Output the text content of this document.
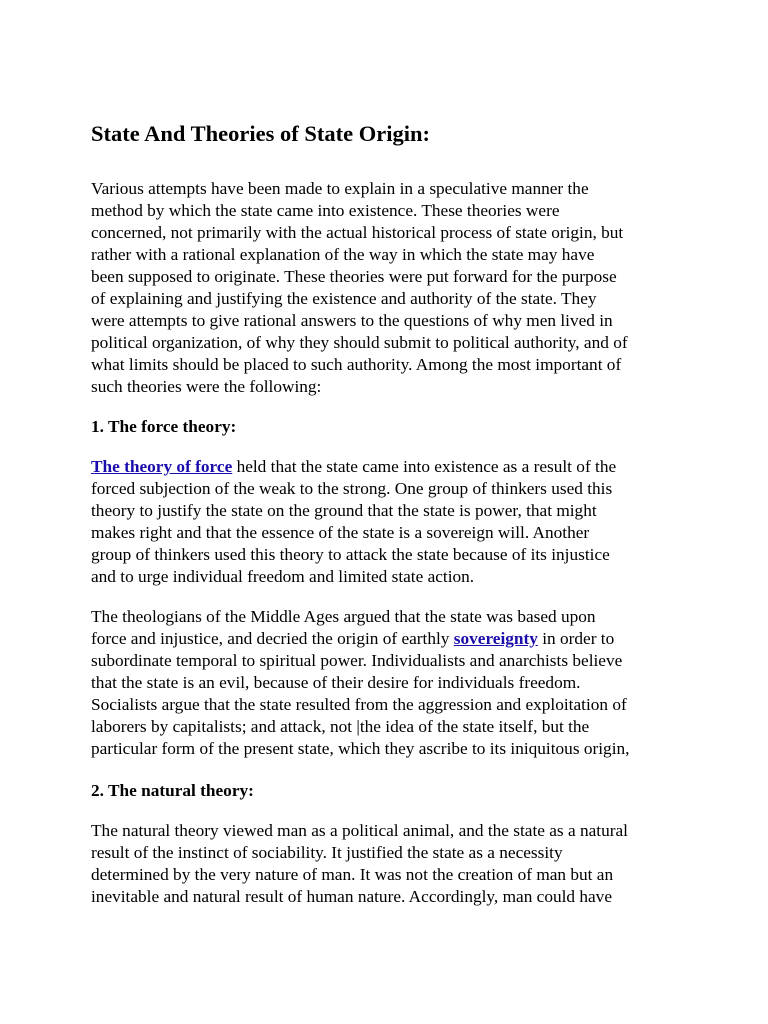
State And Theories of State Origin:

Various attempts have been made to explain in a speculative manner the
method by which the state came into existence. These theories were
concerned, not primarily with the actual historical process of state origin, but
rather with a rational explanation of the way in which the state may have
been supposed to originate. These theories were put forward for the purpose
of explaining and justifying the existence and authority of the state. They
were attempts to give rational answers to the questions of why men lived in
political organization, of why they should submit to political authority, and of
what limits should be placed to such authority. Among the most important of
such theories were the following:

1. The force theory:

The theory of force held that the state came into existence as a result of the
forced subjection of the weak to the strong. One group of thinkers used this
theory to justify the state on the ground that the state is power, that might
makes right and that the essence of the state is a sovereign will. Another
group of thinkers used this theory to attack the state because of its injustice
and to urge individual freedom and limited state action.

The theologians of the Middle Ages argued that the state was based upon
force and injustice, and decried the origin of earthly sovereignty in order to
subordinate temporal to spiritual power. Individualists and anarchists believe
that the state is an evil, because of their desire for individuals freedom.
Socialists argue that the state resulted from the aggression and exploitation of
laborers by capitalists; and attack, not |the idea of the state itself, but the
particular form of the present state, which they ascribe to its iniquitous origin,

2. The natural theory:

The natural theory viewed man as a political animal, and the state as a natural
result of the instinct of sociability. It justified the state as a necessity
determined by the very nature of man. It was not the creation of man but an
inevitable and natural result of human nature. Accordingly, man could have
